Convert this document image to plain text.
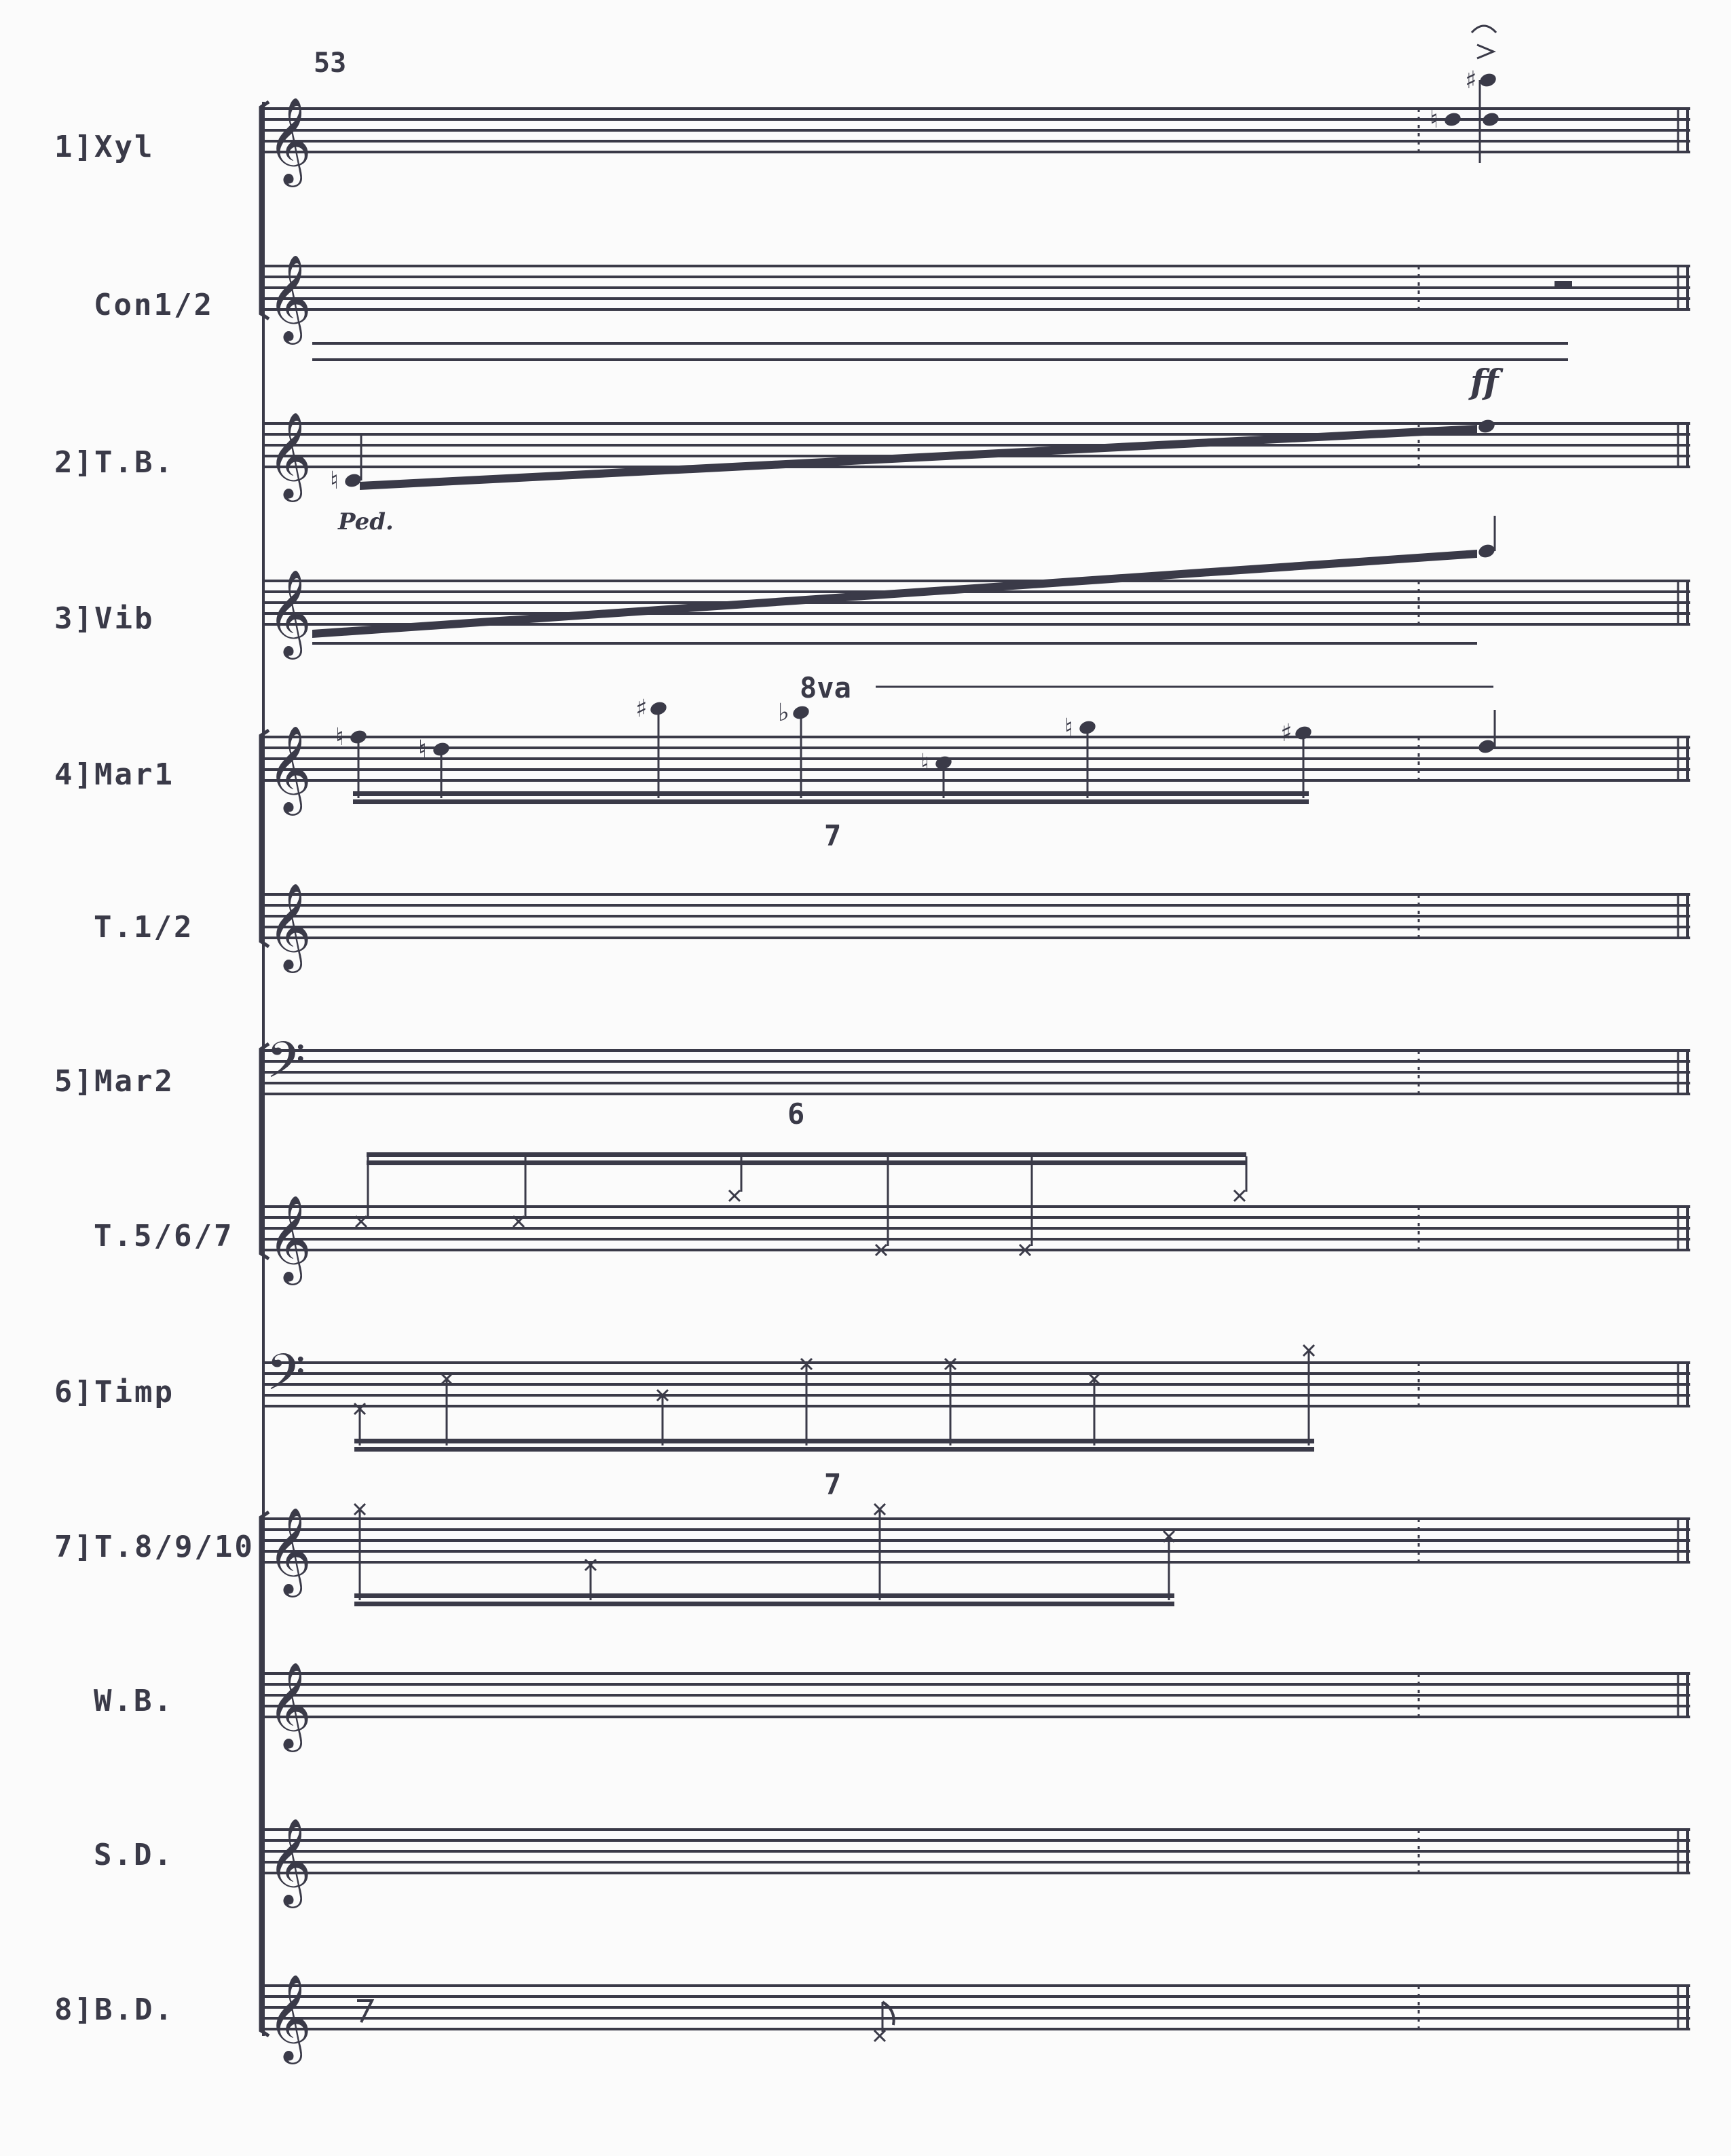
1]Xyl
Con1/2
2]T.B.
3]Vib
4]Mar1
T.1/2
5]Mar2
T.5/6/7
6]Timp
7]T.8/9/10
W.B.
S.D.
8]B.D.
𝄞
𝄞
𝄞
𝄞
𝄞
𝄞
𝄢
𝄞
𝄢
𝄞
𝄞
𝄞
𝄞
♮
♯
♮
♮	♮
♯	♭
♮
♮	♯
53
ff
8va
7
6
7
Ped.
